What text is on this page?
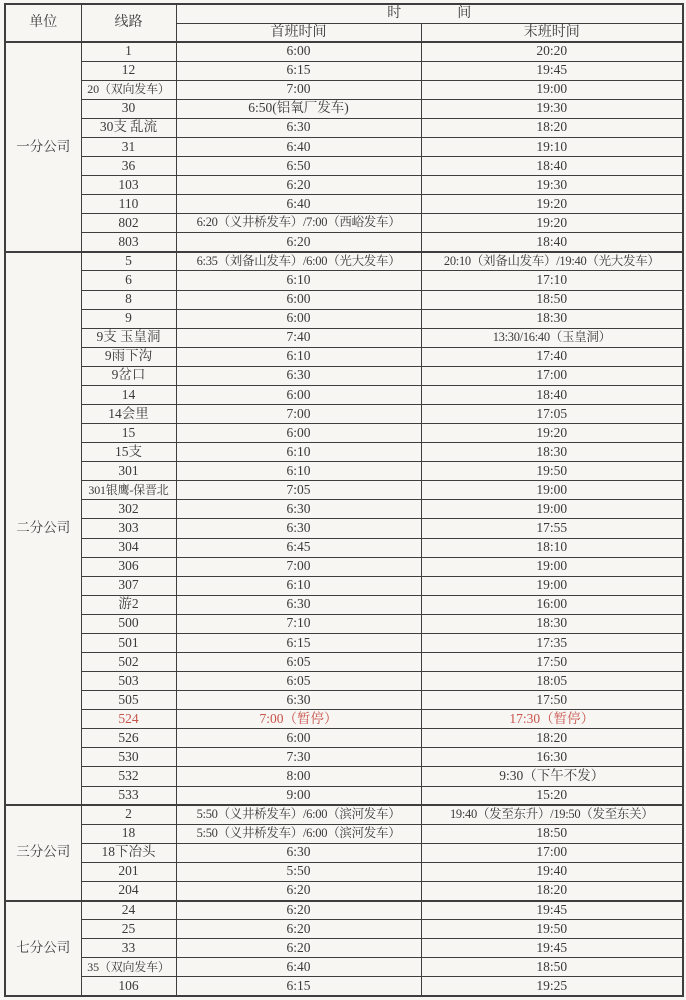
单位	线路	时　　　　间	
		首班时间	末班时间
一分公司	1	6:00	20:20
	12	6:15	19:45
	20（双向发车）	7:00	19:00
	30	6:50(铝氧厂发车)	19:30
	30支 乱流	6:30	18:20
	31	6:40	19:10
	36	6:50	18:40
	103	6:20	19:30
	110	6:40	19:20
	802	6:20（义井桥发车）/7:00（西峪发车）	19:20
	803	6:20	18:40
二分公司	5	6:35（刘备山发车）/6:00（光大发车）	20:10（刘备山发车）/19:40（光大发车）
	6	6:10	17:10
	8	6:00	18:50
	9	6:00	18:30
	9支 玉皇洞	7:40	13:30/16:40（玉皇洞）
	9雨下沟	6:10	17:40
	9岔口	6:30	17:00
	14	6:00	18:40
	14会里	7:00	17:05
	15	6:00	19:20
	15支	6:10	18:30
	301	6:10	19:50
	301银鹰-保晋北	7:05	19:00
	302	6:30	19:00
	303	6:30	17:55
	304	6:45	18:10
	306	7:00	19:00
	307	6:10	19:00
	游2	6:30	16:00
	500	7:10	18:30
	501	6:15	17:35
	502	6:05	17:50
	503	6:05	18:05
	505	6:30	17:50
	524	7:00（暂停）	17:30（暂停）
	526	6:00	18:20
	530	7:30	16:30
	532	8:00	9:30（下午不发）
	533	9:00	15:20
三分公司	2	5:50（义井桥发车）/6:00（滨河发车）	19:40（发至东升）/19:50（发至东关）
	18	5:50（义井桥发车）/6:00（滨河发车）	18:50
	18下冶头	6:30	17:00
	201	5:50	19:40
	204	6:20	18:20
七分公司	24	6:20	19:45
	25	6:20	19:50
	33	6:20	19:45
	35（双向发车）	6:40	18:50
	106	6:15	19:25
